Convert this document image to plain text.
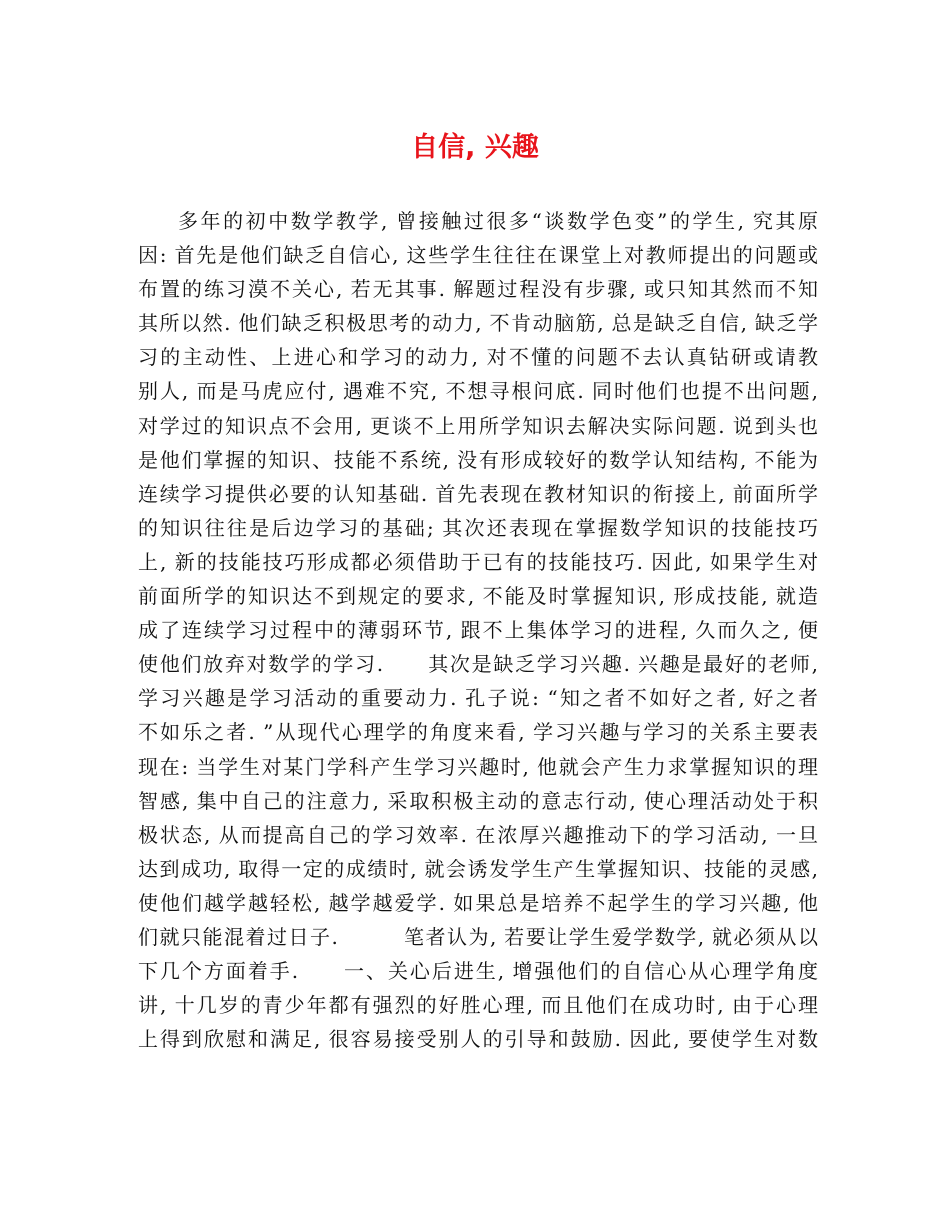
自信, 兴趣
多年的初中数学教学, 曾接触过很多“谈数学色变”的学生, 究其原
因: 首先是他们缺乏自信心, 这些学生往往在课堂上对教师提出的问题或
布置的练习漠不关心, 若无其事. 解题过程没有步骤, 或只知其然而不知
其所以然. 他们缺乏积极思考的动力, 不肯动脑筋, 总是缺乏自信, 缺乏学
习的主动性、上进心和学习的动力, 对不懂的问题不去认真钻研或请教
别人, 而是马虎应付, 遇难不究, 不想寻根问底. 同时他们也提不出问题,
对学过的知识点不会用, 更谈不上用所学知识去解决实际问题. 说到头也
是他们掌握的知识、技能不系统, 没有形成较好的数学认知结构, 不能为
连续学习提供必要的认知基础. 首先表现在教材知识的衔接上, 前面所学
的知识往往是后边学习的基础; 其次还表现在掌握数学知识的技能技巧
上, 新的技能技巧形成都必须借助于已有的技能技巧. 因此, 如果学生对
前面所学的知识达不到规定的要求, 不能及时掌握知识, 形成技能, 就造
成了连续学习过程中的薄弱环节, 跟不上集体学习的进程, 久而久之, 便
使他们放弃对数学的学习.　　其次是缺乏学习兴趣. 兴趣是最好的老师,
学习兴趣是学习活动的重要动力. 孔子说: “知之者不如好之者, 好之者
不如乐之者. ”从现代心理学的角度来看, 学习兴趣与学习的关系主要表
现在: 当学生对某门学科产生学习兴趣时, 他就会产生力求掌握知识的理
智感, 集中自己的注意力, 采取积极主动的意志行动, 使心理活动处于积
极状态, 从而提高自己的学习效率. 在浓厚兴趣推动下的学习活动, 一旦
达到成功, 取得一定的成绩时, 就会诱发学生产生掌握知识、技能的灵感,
使他们越学越轻松, 越学越爱学. 如果总是培养不起学生的学习兴趣, 他
们就只能混着过日子.　　　笔者认为, 若要让学生爱学数学, 就必须从以
下几个方面着手.　　一、关心后进生, 增强他们的自信心从心理学角度
讲, 十几岁的青少年都有强烈的好胜心理, 而且他们在成功时, 由于心理
上得到欣慰和满足, 很容易接受别人的引导和鼓励. 因此, 要使学生对数
